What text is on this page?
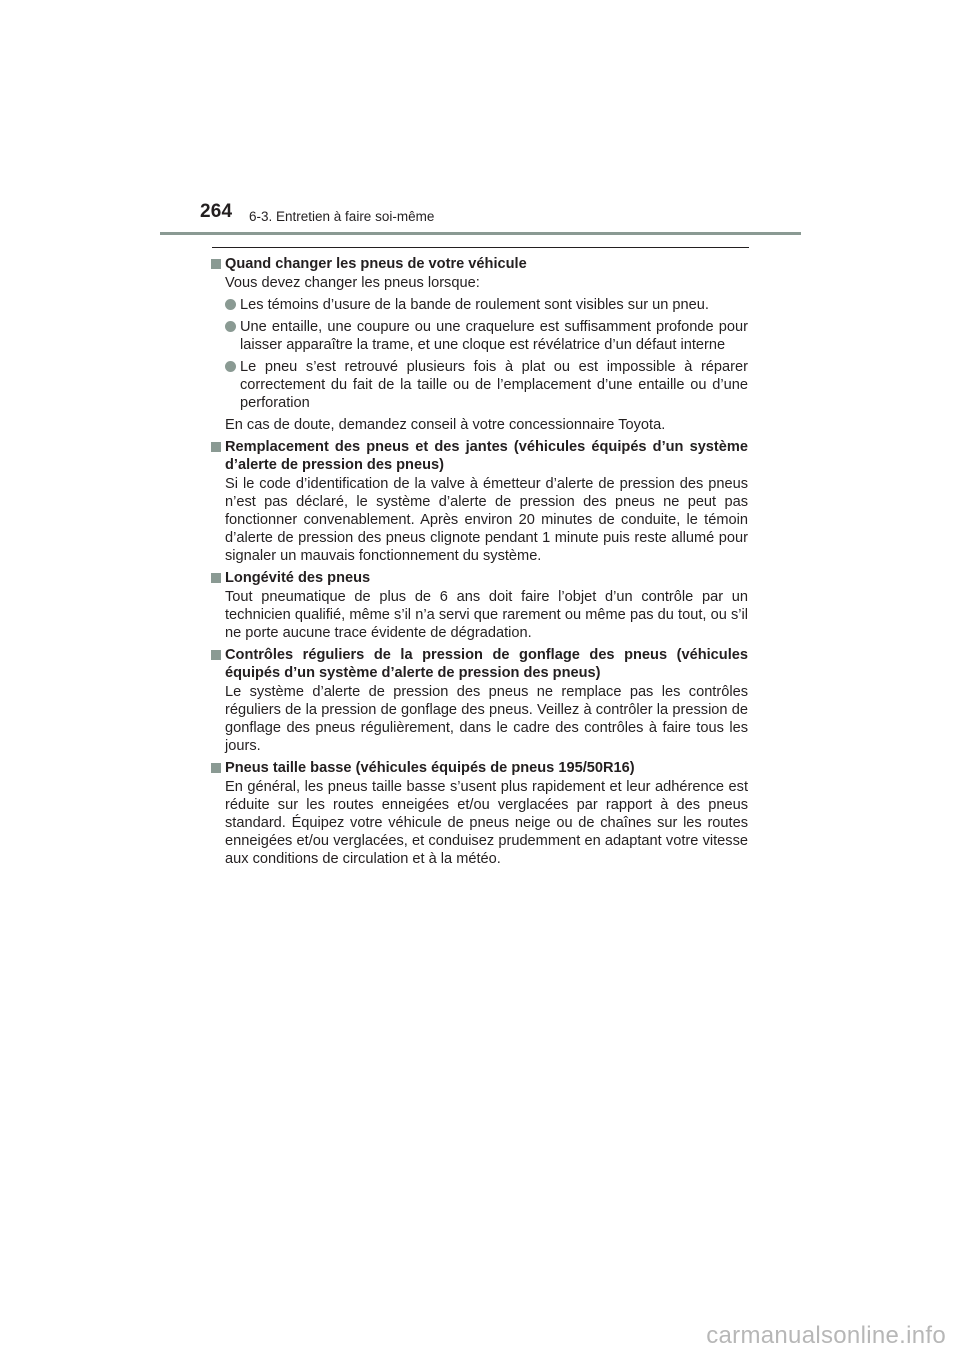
264 6-3. Entretien à faire soi-même
Quand changer les pneus de votre véhicule
Vous devez changer les pneus lorsque:
Les témoins d’usure de la bande de roulement sont visibles sur un pneu.
Une entaille, une coupure ou une craquelure est suffisamment profonde pour laisser apparaître la trame, et une cloque est révélatrice d’un défaut interne
Le pneu s’est retrouvé plusieurs fois à plat ou est impossible à réparer correctement du fait de la taille ou de l’emplacement d’une entaille ou d’une perforation
En cas de doute, demandez conseil à votre concessionnaire Toyota.
Remplacement des pneus et des jantes (véhicules équipés d’un système d’alerte de pression des pneus)
Si le code d’identification de la valve à émetteur d’alerte de pression des pneus n’est pas déclaré, le système d’alerte de pression des pneus ne peut pas fonctionner convenablement. Après environ 20 minutes de conduite, le témoin d’alerte de pression des pneus clignote pendant 1 minute puis reste allumé pour signaler un mauvais fonctionnement du système.
Longévité des pneus
Tout pneumatique de plus de 6 ans doit faire l’objet d’un contrôle par un technicien qualifié, même s’il n’a servi que rarement ou même pas du tout, ou s’il ne porte aucune trace évidente de dégradation.
Contrôles réguliers de la pression de gonflage des pneus (véhicules équipés d’un système d’alerte de pression des pneus)
Le système d’alerte de pression des pneus ne remplace pas les contrôles réguliers de la pression de gonflage des pneus. Veillez à contrôler la pression de gonflage des pneus régulièrement, dans le cadre des contrôles à faire tous les jours.
Pneus taille basse (véhicules équipés de pneus 195/50R16)
En général, les pneus taille basse s’usent plus rapidement et leur adhérence est réduite sur les routes enneigées et/ou verglacées par rapport à des pneus standard. Équipez votre véhicule de pneus neige ou de chaînes sur les routes enneigées et/ou verglacées, et conduisez prudemment en adaptant votre vitesse aux conditions de circulation et à la météo.
carmanualsonline.info
